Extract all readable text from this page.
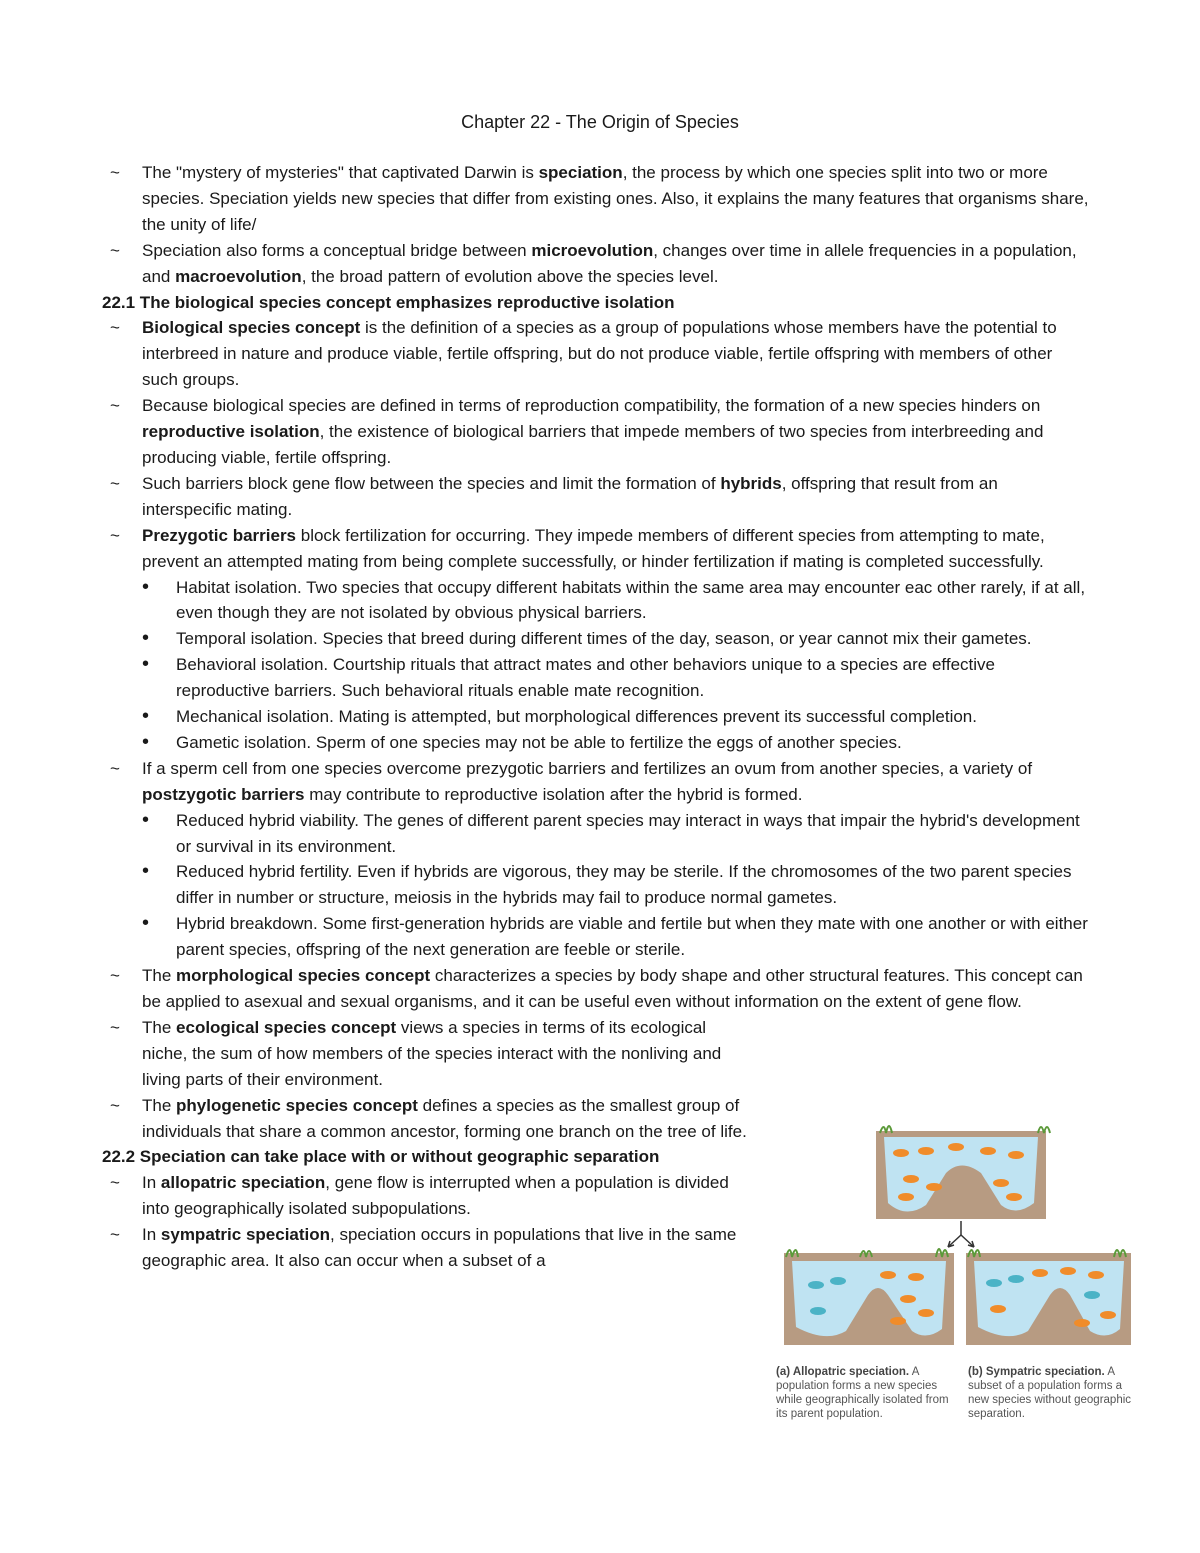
Chapter 22 - The Origin of Species
~ The "mystery of mysteries" that captivated Darwin is speciation, the process by which one species split into two or more species. Speciation yields new species that differ from existing ones. Also, it explains the many features that organisms share, the unity of life/
~ Speciation also forms a conceptual bridge between microevolution, changes over time in allele frequencies in a population, and macroevolution, the broad pattern of evolution above the species level.
22.1 The biological species concept emphasizes reproductive isolation
~ Biological species concept is the definition of a species as a group of populations whose members have the potential to interbreed in nature and produce viable, fertile offspring, but do not produce viable, fertile offspring with members of other such groups.
~ Because biological species are defined in terms of reproduction compatibility, the formation of a new species hinders on reproductive isolation, the existence of biological barriers that impede members of two species from interbreeding and producing viable, fertile offspring.
~ Such barriers block gene flow between the species and limit the formation of hybrids, offspring that result from an interspecific mating.
~ Prezygotic barriers block fertilization for occurring. They impede members of different species from attempting to mate, prevent an attempted mating from being complete successfully, or hinder fertilization if mating is completed successfully.
• Habitat isolation. Two species that occupy different habitats within the same area may encounter eac other rarely, if at all, even though they are not isolated by obvious physical barriers.
• Temporal isolation. Species that breed during different times of the day, season, or year cannot mix their gametes.
• Behavioral isolation. Courtship rituals that attract mates and other behaviors unique to a species are effective reproductive barriers. Such behavioral rituals enable mate recognition.
• Mechanical isolation. Mating is attempted, but morphological differences prevent its successful completion.
• Gametic isolation. Sperm of one species may not be able to fertilize the eggs of another species.
~ If a sperm cell from one species overcome prezygotic barriers and fertilizes an ovum from another species, a variety of postzygotic barriers may contribute to reproductive isolation after the hybrid is formed.
• Reduced hybrid viability. The genes of different parent species may interact in ways that impair the hybrid's development or survival in its environment.
• Reduced hybrid fertility. Even if hybrids are vigorous, they may be sterile. If the chromosomes of the two parent species differ in number or structure, meiosis in the hybrids may fail to produce normal gametes.
• Hybrid breakdown. Some first-generation hybrids are viable and fertile but when they mate with one another or with either parent species, offspring of the next generation are feeble or sterile.
~ The morphological species concept characterizes a species by body shape and other structural features. This concept can be applied to asexual and sexual organisms, and it can be useful even without information on the extent of gene flow.
~ The ecological species concept views a species in terms of its ecological niche, the sum of how members of the species interact with the nonliving and living parts of their environment.
~ The phylogenetic species concept defines a species as the smallest group of individuals that share a common ancestor, forming one branch on the tree of life.
22.2 Speciation can take place with or without geographic separation
~ In allopatric speciation, gene flow is interrupted when a population is divided into geographically isolated subpopulations.
~ In sympatric speciation, speciation occurs in populations that live in the same geographic area. It also can occur when a subset of a
(a) Allopatric speciation. A population forms a new species while geographically isolated from its parent population.
(b) Sympatric speciation. A subset of a population forms a new species without geographic separation.
